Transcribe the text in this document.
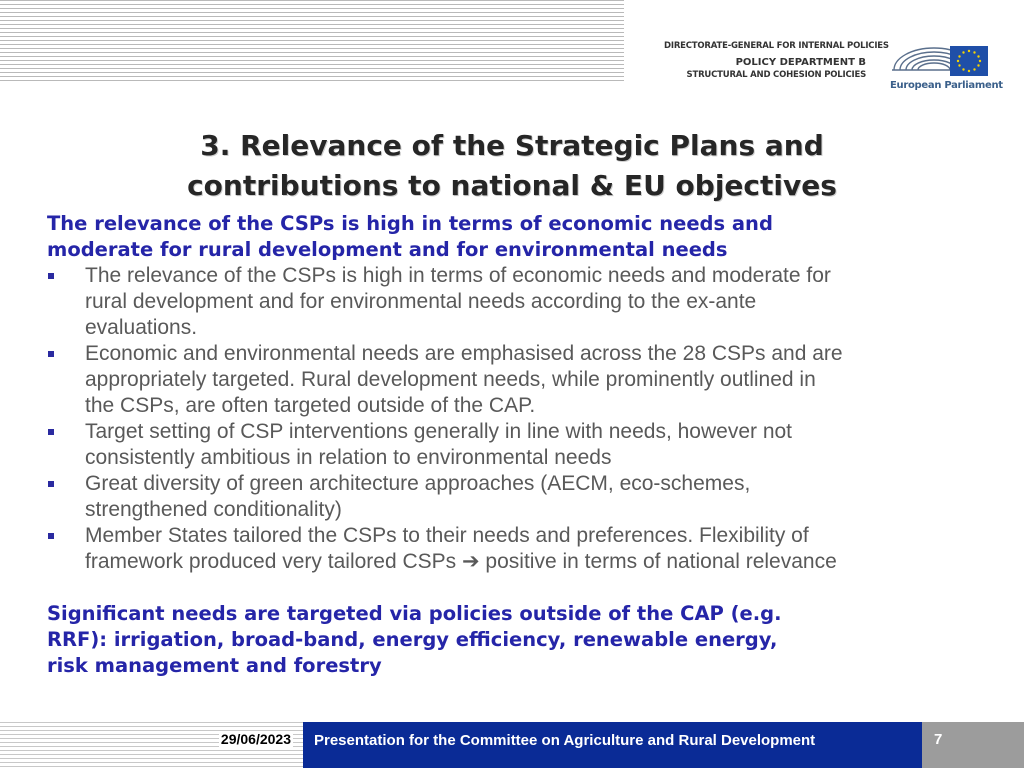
DIRECTORATE-GENERAL FOR INTERNAL POLICIES
POLICY DEPARTMENT B
STRUCTURAL AND COHESION POLICIES
European Parliament
3. Relevance of the Strategic Plans and
contributions to national & EU objectives
The relevance of the CSPs is high in terms of economic needs and
moderate for rural development and for environmental needs
The relevance of the CSPs is high in terms of economic needs and moderate for
rural development and for environmental needs according to the ex-ante
evaluations.
Economic and environmental needs are emphasised across the 28 CSPs and are
appropriately targeted. Rural development needs, while prominently outlined in
the CSPs, are often targeted outside of the CAP.
Target setting of CSP interventions generally in line with needs, however not
consistently ambitious in relation to environmental needs
Great diversity of green architecture approaches (AECM, eco-schemes,
strengthened conditionality)
Member States tailored the CSPs to their needs and preferences. Flexibility of
framework produced very tailored CSPs ➔ positive in terms of national relevance
Significant needs are targeted via policies outside of the CAP (e.g.
RRF): irrigation, broad-band, energy efficiency, renewable energy,
risk management and forestry
29/06/2023 Presentation for the Committee on Agriculture and Rural Development	7
